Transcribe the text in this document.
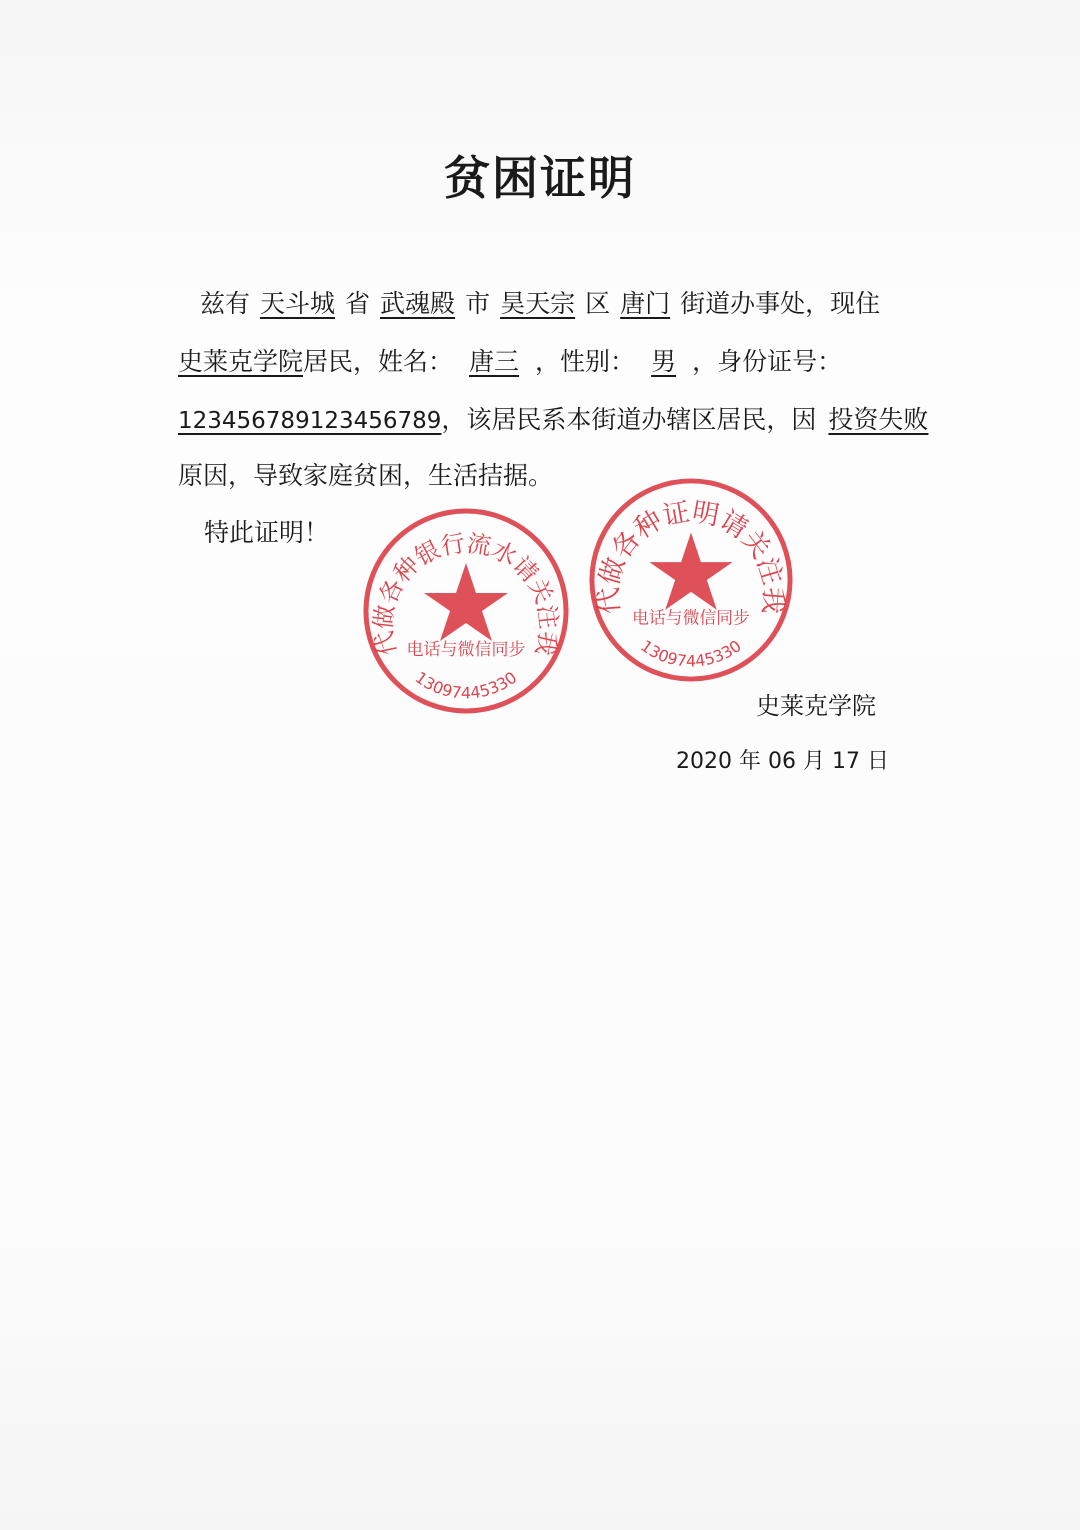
贫困证明
兹有 天斗城 省 武魂殿 市 昊天宗 区 唐门 街道办事处，现住
史莱克学院居民，姓名： 唐三 ，性别： 男 ，身份证号：
123456789123456789，该居民系本街道办辖区居民，因 投资失败
原因，导致家庭贫困，生活拮据。
特此证明！
代做各种银行流水请关注我
电话与微信同步
13097445330
代做各种证明请关注我
电话与微信同步
13097445330
史莱克学院
2020 年 06 月 17 日
